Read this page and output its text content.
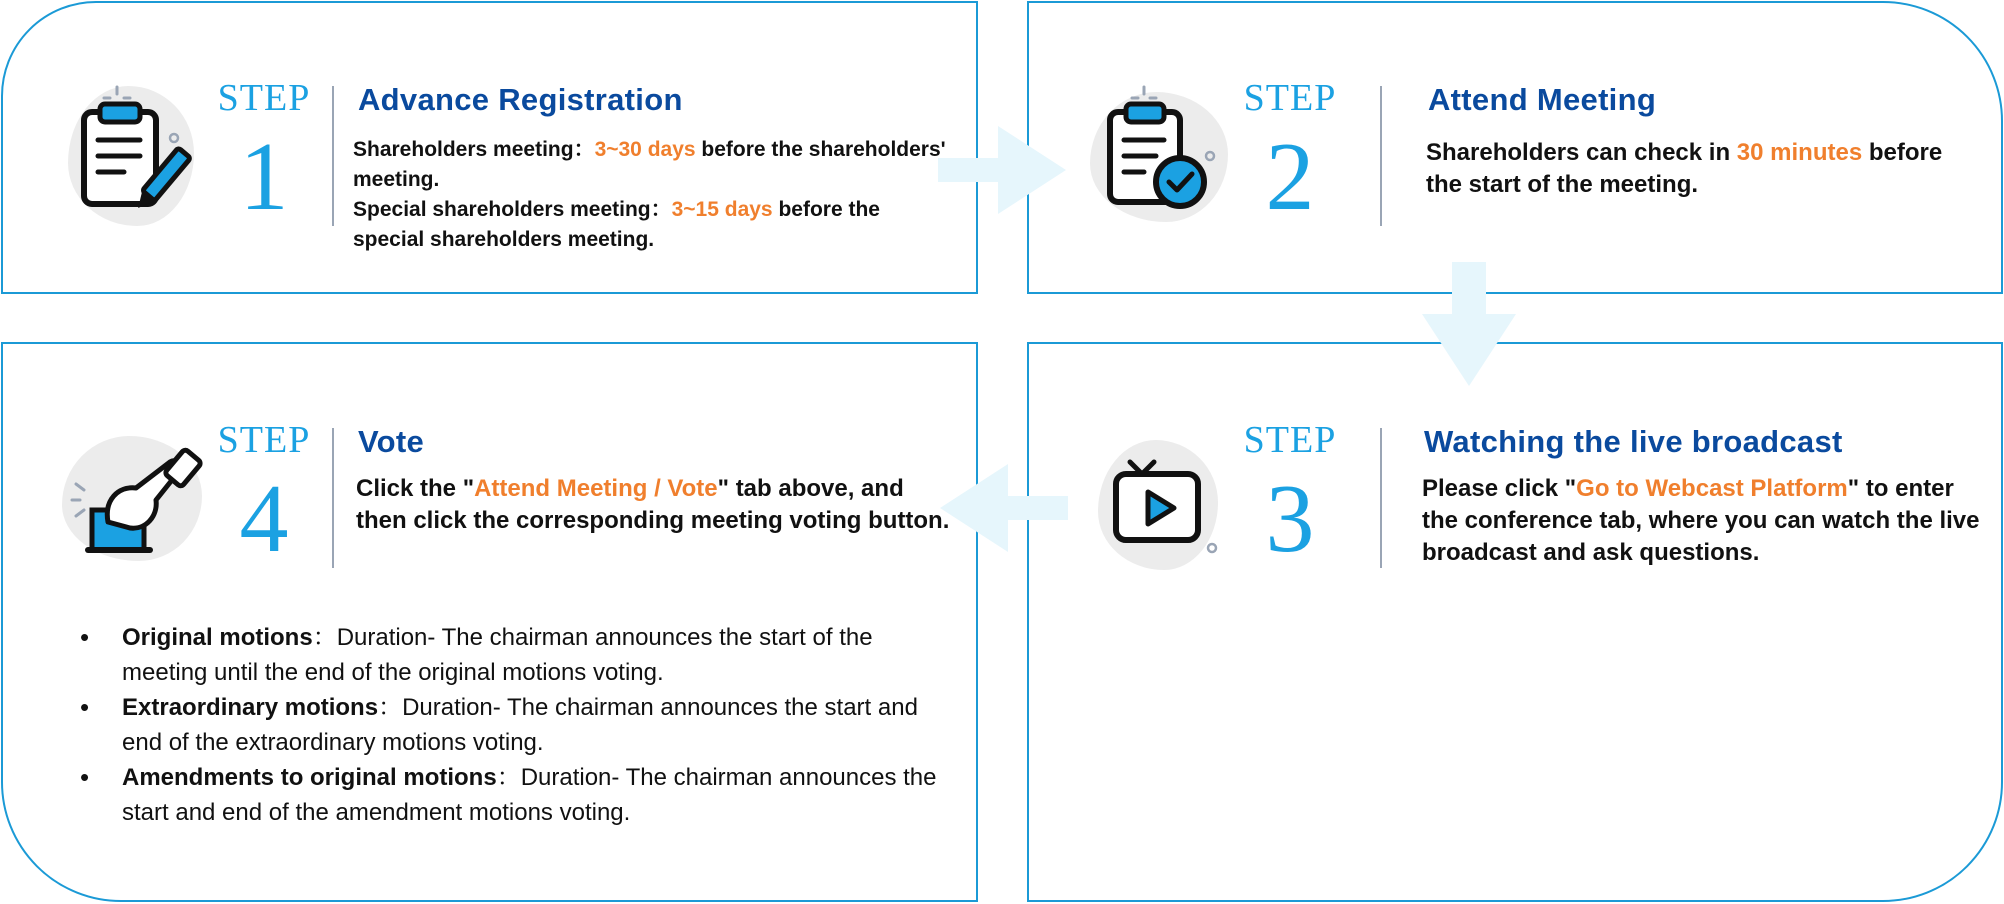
STEP
1
Advance Registration
Shareholders meeting：3~30 days before the shareholders' meeting.
Special shareholders meeting：3~15 days before the special shareholders meeting.
STEP
2
Attend Meeting
Shareholders can check in 30 minutes before the start of the meeting.
STEP
3
Watching the live broadcast
Please click "Go to Webcast Platform" to enter the conference tab, where you can watch the live broadcast and ask questions.
STEP
4
Vote
Click the "Attend Meeting / Vote" tab above, and then click the corresponding meeting voting button.
• Original motions：Duration- The chairman announces the start of the meeting until the end of the original motions voting.
• Extraordinary motions：Duration- The chairman announces the start and end of the extraordinary motions voting.
• Amendments to original motions：Duration- The chairman announces the start and end of the amendment motions voting.
